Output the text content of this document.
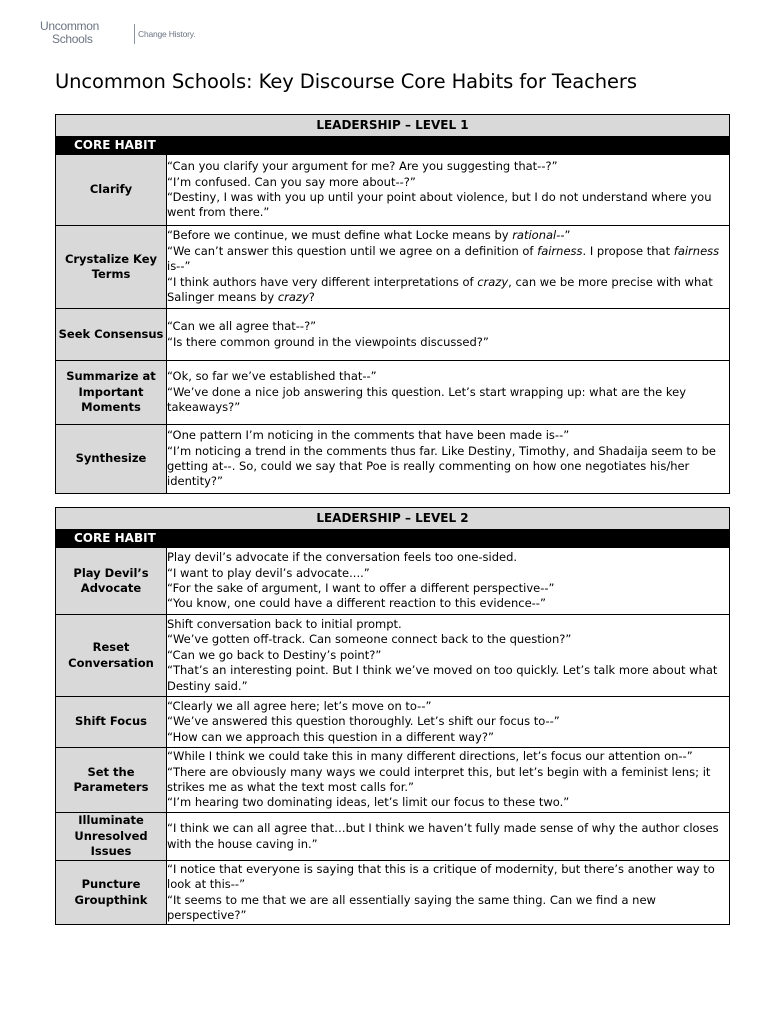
Uncommon
Schools	Change History.
Uncommon Schools: Key Discourse Core Habits for Teachers
LEADERSHIP – LEVEL 1	
CORE HABIT	
Clarify	“Can you clarify your argument for me? Are you suggesting that--?”
“I’m confused. Can you say more about--?”
“Destiny, I was with you up until your point about violence, but I do not understand where you went from there.”

Crystalize Key Terms	“Before we continue, we must define what Locke means by rational--”
“We can’t answer this question until we agree on a definition of fairness. I propose that fairness is--”
“I think authors have very different interpretations of crazy, can we be more precise with what Salinger means by crazy?

Seek Consensus	“Can we all agree that--?”
“Is there common ground in the viewpoints discussed?”

Summarize at Important Moments	“Ok, so far we’ve established that--”
“We’ve done a nice job answering this question. Let’s start wrapping up: what are the key takeaways?”

Synthesize	“One pattern I’m noticing in the comments that have been made is--”
“I’m noticing a trend in the comments thus far. Like Destiny, Timothy, and Shadaija seem to be getting at--. So, could we say that Poe is really commenting on how one negotiates his/her identity?”
LEADERSHIP – LEVEL 2	
CORE HABIT	
Play Devil’s Advocate	Play devil’s advocate if the conversation feels too one-sided.
“I want to play devil’s advocate....”
“For the sake of argument, I want to offer a different perspective--”
“You know, one could have a different reaction to this evidence--”

Reset Conversation	Shift conversation back to initial prompt.
“We’ve gotten off-track. Can someone connect back to the question?”
“Can we go back to Destiny’s point?”
“That’s an interesting point. But I think we’ve moved on too quickly. Let’s talk more about what Destiny said.”

Shift Focus	“Clearly we all agree here; let’s move on to--”
“We’ve answered this question thoroughly. Let’s shift our focus to--”
“How can we approach this question in a different way?”

Set the Parameters	“While I think we could take this in many different directions, let’s focus our attention on--”
“There are obviously many ways we could interpret this, but let’s begin with a feminist lens; it strikes me as what the text most calls for.”
“I’m hearing two dominating ideas, let’s limit our focus to these two.”

Illuminate Unresolved Issues	“I think we can all agree that…but I think we haven’t fully made sense of why the author closes with the house caving in.”

Puncture Groupthink	“I notice that everyone is saying that this is a critique of modernity, but there’s another way to look at this--”
“It seems to me that we are all essentially saying the same thing. Can we find a new perspective?”
